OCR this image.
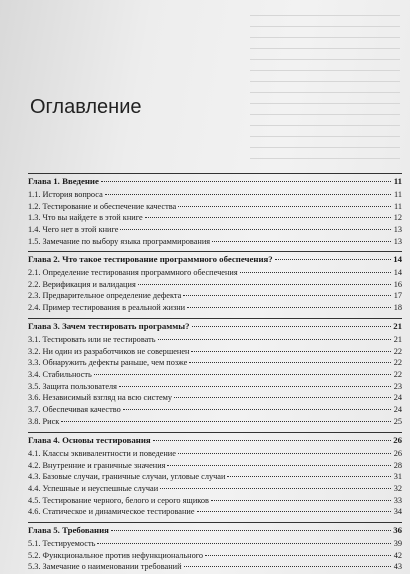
Оглавление
Глава 1. Введение	11
1.1. История вопроса	11
1.2. Тестирование и обеспечение качества	11
1.3. Что вы найдете в этой книге	12
1.4. Чего нет в этой книге	13
1.5. Замечание по выбору языка программирования	13
Глава 2. Что такое тестирование программного обеспечения?	14
2.1. Определение тестирования программного обеспечения	14
2.2. Верификация и валидация	16
2.3. Предварительное определение дефекта	17
2.4. Пример тестирования в реальной жизни	18
Глава 3. Зачем тестировать программы?	21
3.1. Тестировать или не тестировать	21
3.2. Ни один из разработчиков не совершенен	22
3.3. Обнаружить дефекты раньше, чем позже	22
3.4. Стабильность	22
3.5. Защита пользователя	23
3.6. Независимый взгляд на всю систему	24
3.7. Обеспечивая качество	24
3.8. Риск	25
Глава 4. Основы тестирования	26
4.1. Классы эквивалентности и поведение	26
4.2. Внутренние и граничные значения	28
4.3. Базовые случаи, граничные случаи, угловые случаи	31
4.4. Успешные и неуспешные случаи	32
4.5. Тестирование черного, белого и серого ящиков	33
4.6. Статическое и динамическое тестирование	34
Глава 5. Требования	36
5.1. Тестируемость	39
5.2. Функциональное против нефункционального	42
5.3. Замечание о наименовании требований	43
